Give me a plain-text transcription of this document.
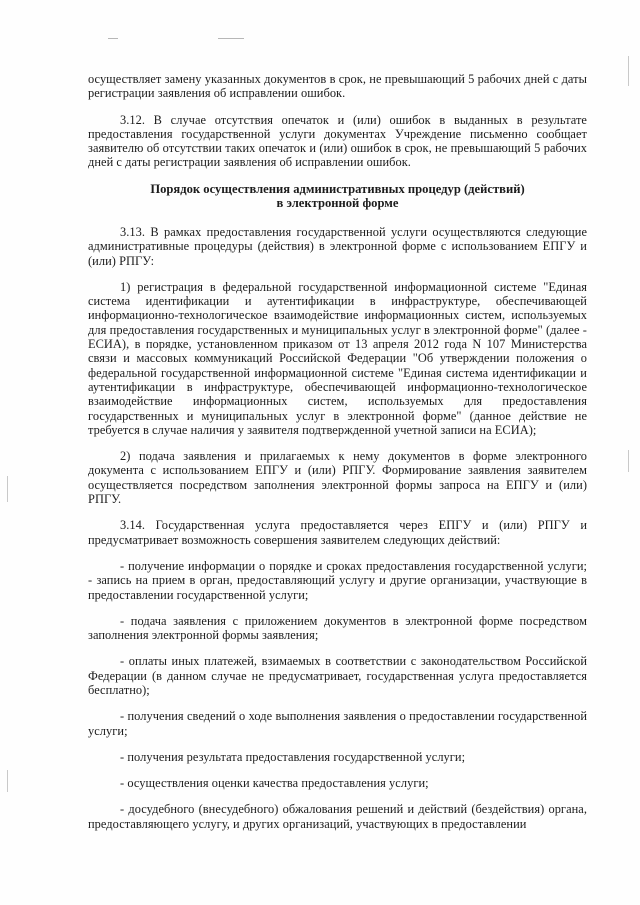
осуществляет замену указанных документов в срок, не превышающий 5 рабочих дней с даты регистрации заявления об исправлении ошибок.

3.12. В случае отсутствия опечаток и (или) ошибок в выданных в результате предоставления государственной услуги документах Учреждение письменно сообщает заявителю об отсутствии таких опечаток и (или) ошибок в срок, не превышающий 5 рабочих дней с даты регистрации заявления об исправлении ошибок.

Порядок осуществления административных процедур (действий)
в электронной форме

3.13. В рамках предоставления государственной услуги осуществляются следующие административные процедуры (действия) в электронной форме с использованием ЕПГУ и (или) РПГУ:

1) регистрация в федеральной государственной информационной системе "Единая система идентификации и аутентификации в инфраструктуре, обеспечивающей информационно-технологическое взаимодействие информационных систем, используемых для предоставления государственных и муниципальных услуг в электронной форме" (далее - ЕСИА), в порядке, установленном приказом от 13 апреля 2012 года N 107 Министерства связи и массовых коммуникаций Российской Федерации "Об утверждении положения о федеральной государственной информационной системе "Единая система идентификации и аутентификации в инфраструктуре, обеспечивающей информационно-технологическое взаимодействие информационных систем, используемых для предоставления государственных и муниципальных услуг в электронной форме" (данное действие не требуется в случае наличия у заявителя подтвержденной учетной записи на ЕСИА);

2) подача заявления и прилагаемых к нему документов в форме электронного документа с использованием ЕПГУ и (или) РПГУ. Формирование заявления заявителем осуществляется посредством заполнения электронной формы запроса на ЕПГУ и (или) РПГУ.

3.14. Государственная услуга предоставляется через ЕПГУ и (или) РПГУ и предусматривает возможность совершения заявителем следующих действий:

- получение информации о порядке и сроках предоставления государственной услуги; - запись на прием в орган, предоставляющий услугу и другие организации, участвующие в предоставлении государственной услуги;

- подача заявления с приложением документов в электронной форме посредством заполнения электронной формы заявления;

- оплаты иных платежей, взимаемых в соответствии с законодательством Российской Федерации (в данном случае не предусматривает, государственная услуга предоставляется бесплатно);

- получения сведений о ходе выполнения заявления о предоставлении государственной услуги;

- получения результата предоставления государственной услуги;

- осуществления оценки качества предоставления услуги;

- досудебного (внесудебного) обжалования решений и действий (бездействия) органа, предоставляющего услугу, и других организаций, участвующих в предоставлении
